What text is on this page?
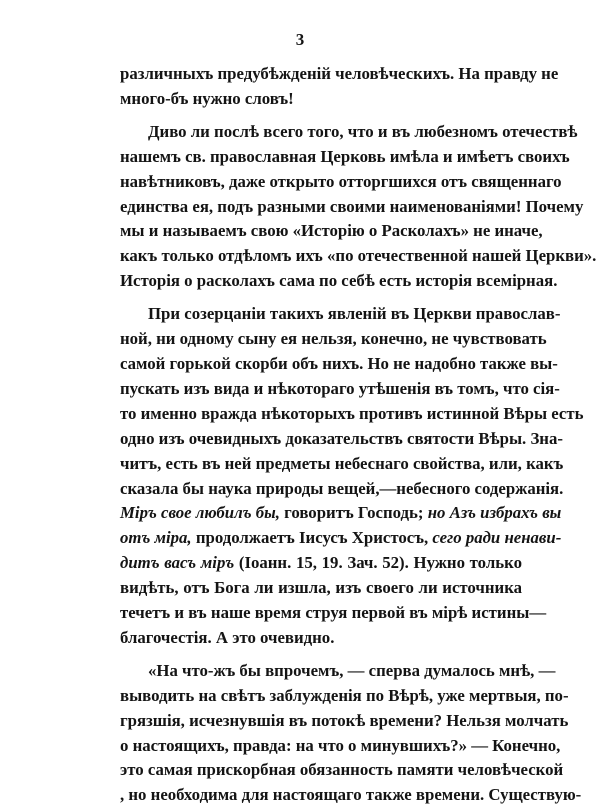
3
различныхъ предубѣжденій человѣческихъ. На правду не
много-бъ нужно словъ!
Диво ли послѣ всего того, что и въ любезномъ отечествѣ
нашемъ св. православная Церковь имѣла и имѣетъ своихъ
навѣтниковъ, даже открыто отторгшихся отъ священнаго
единства ея, подъ разными своими наименованіями! Почему
мы и называемъ свою «Исторію о Расколахъ» не иначе,
какъ только отдѣломъ ихъ «по отечественной нашей Церкви».
Исторія о расколахъ сама по себѣ есть исторія всемірная.
При созерцаніи такихъ явленій въ Церкви православ-
ной, ни одному сыну ея нельзя, конечно, не чувствовать
самой горькой скорби объ нихъ. Но не надобно также вы-
пускать изъ вида и нѣкотораго утѣшенія въ томъ, что сія-
то именно вражда нѣкоторыхъ противъ истинной Вѣры есть
одно изъ очевидныхъ доказательствъ святости Вѣры. Зна-
читъ, есть въ ней предметы небеснаго свойства, или, какъ
сказала бы наука природы вещей,—небесного содержанія.
Міръ свое любилъ бы, говоритъ Господь; но Азъ избрахъ вы
отъ міра, продолжаетъ Іисусъ Христосъ, сего ради ненави-
дитъ васъ міръ (Іоанн. 15, 19. Зач. 52). Нужно только
видѣть, отъ Бога ли изшла, изъ своего ли источника
течетъ и въ наше время струя первой въ мірѣ истины—
благочестія. А это очевидно.
«На что-жъ бы впрочемъ, — сперва думалось мнѣ, —
выводить на свѣтъ заблужденія по Вѣрѣ, уже мертвыя, по-
грязшія, исчезнувшія въ потокѣ времени? Нельзя молчать
о настоящихъ, правда: на что о минувшихъ?» — Конечно,
это самая прискорбная обязанность памяти человѣческой
, но необходима для настоящаго также времени. Существую-
